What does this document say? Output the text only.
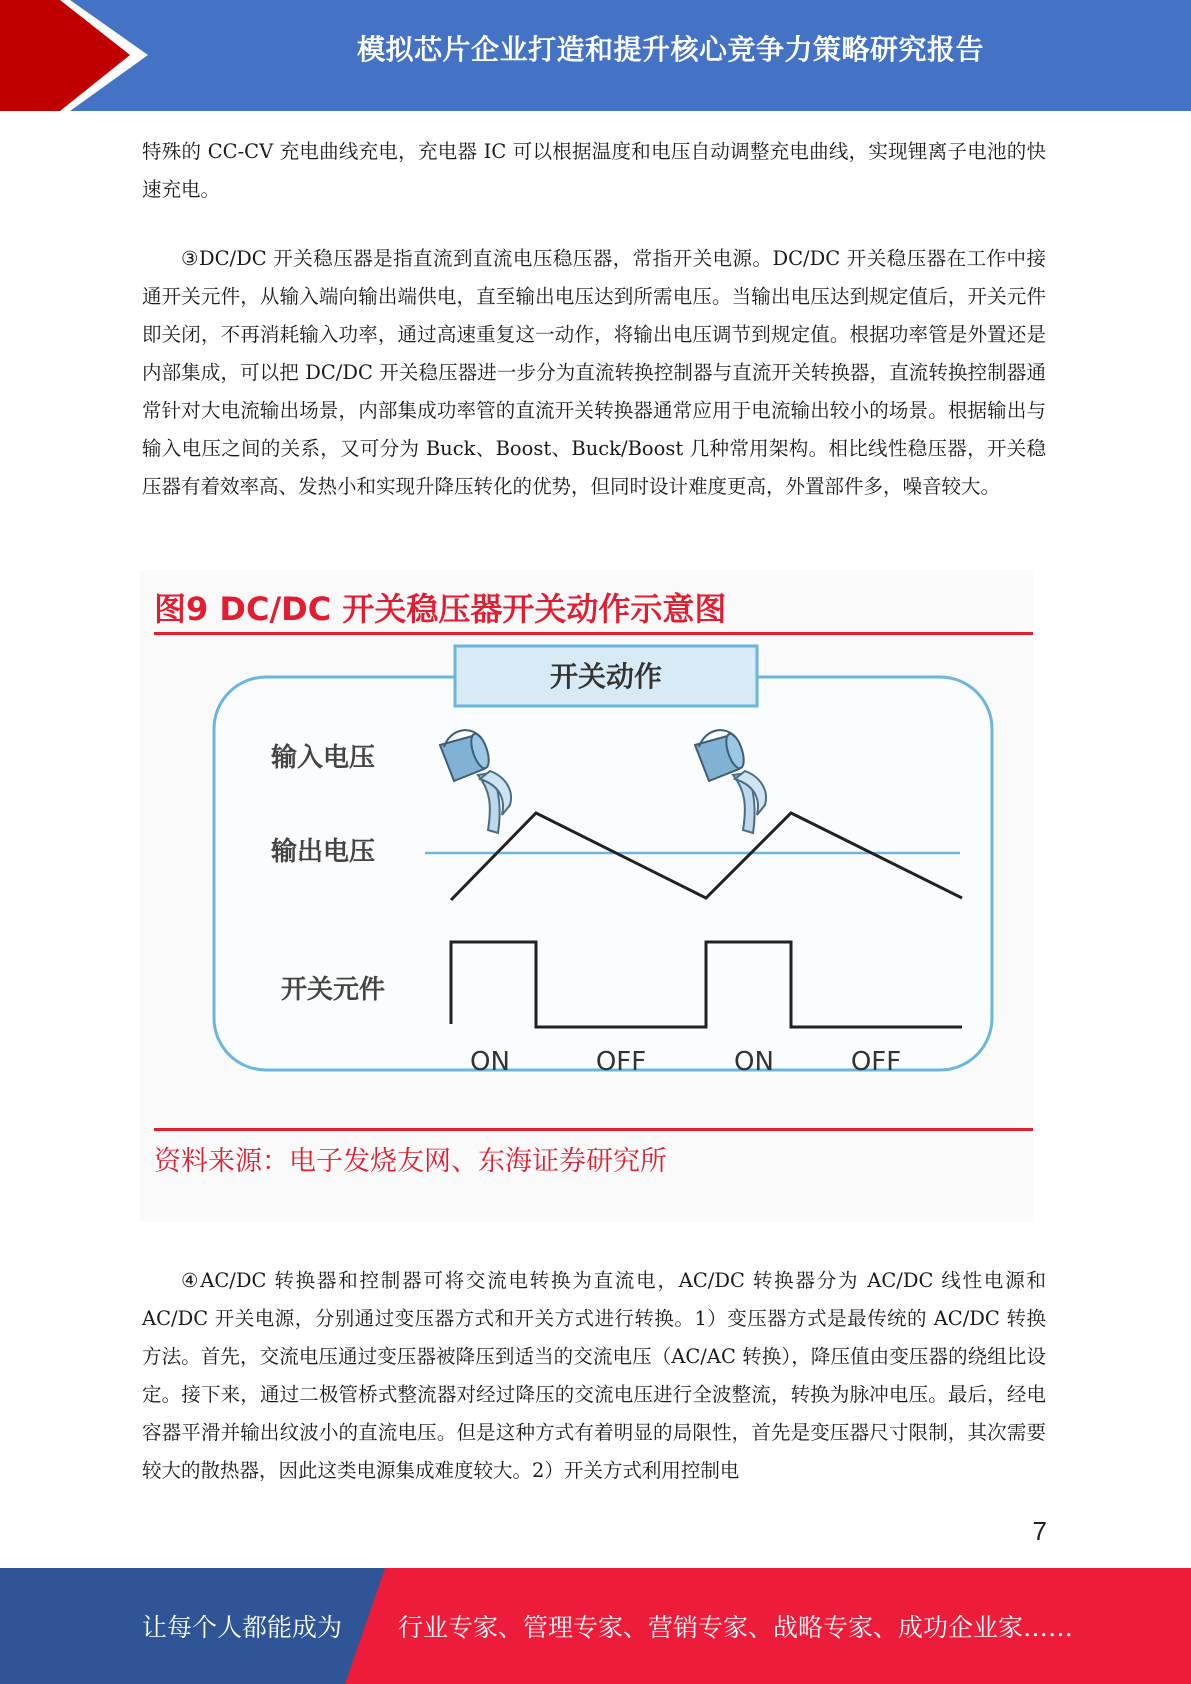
模拟芯片企业打造和提升核心竞争力策略研究报告

特殊的 CC-CV 充电曲线充电，充电器 IC 可以根据温度和电压自动调整充电曲线，实现锂离子电池的快速充电。

③DC/DC 开关稳压器是指直流到直流电压稳压器，常指开关电源。DC/DC 开关稳压器在工作中接通开关元件，从输入端向输出端供电，直至输出电压达到所需电压。当输出电压达到规定值后，开关元件即关闭，不再消耗输入功率，通过高速重复这一动作，将输出电压调节到规定值。根据功率管是外置还是内部集成，可以把 DC/DC 开关稳压器进一步分为直流转换控制器与直流开关转换器，直流转换控制器通常针对大电流输出场景，内部集成功率管的直流开关转换器通常应用于电流输出较小的场景。根据输出与输入电压之间的关系，又可分为 Buck、Boost、Buck/Boost 几种常用架构。相比线性稳压器，开关稳压器有着效率高、发热小和实现升降压转化的优势，但同时设计难度更高，外置部件多，噪音较大。

图9 DC/DC 开关稳压器开关动作示意图
开关动作
输入电压
输出电压
开关元件
ON	OFF	ON	OFF
资料来源：电子发烧友网、东海证券研究所

④AC/DC 转换器和控制器可将交流电转换为直流电，AC/DC 转换器分为 AC/DC 线性电源和 AC/DC 开关电源，分别通过变压器方式和开关方式进行转换。1）变压器方式是最传统的 AC/DC 转换方法。首先，交流电压通过变压器被降压到适当的交流电压（AC/AC 转换），降压值由变压器的绕组比设定。接下来，通过二极管桥式整流器对经过降压的交流电压进行全波整流，转换为脉冲电压。最后，经电容器平滑并输出纹波小的直流电压。但是这种方式有着明显的局限性，首先是变压器尺寸限制，其次需要较大的散热器，因此这类电源集成难度较大。2）开关方式利用控制电

7
让每个人都能成为 行业专家、管理专家、营销专家、战略专家、成功企业家……
